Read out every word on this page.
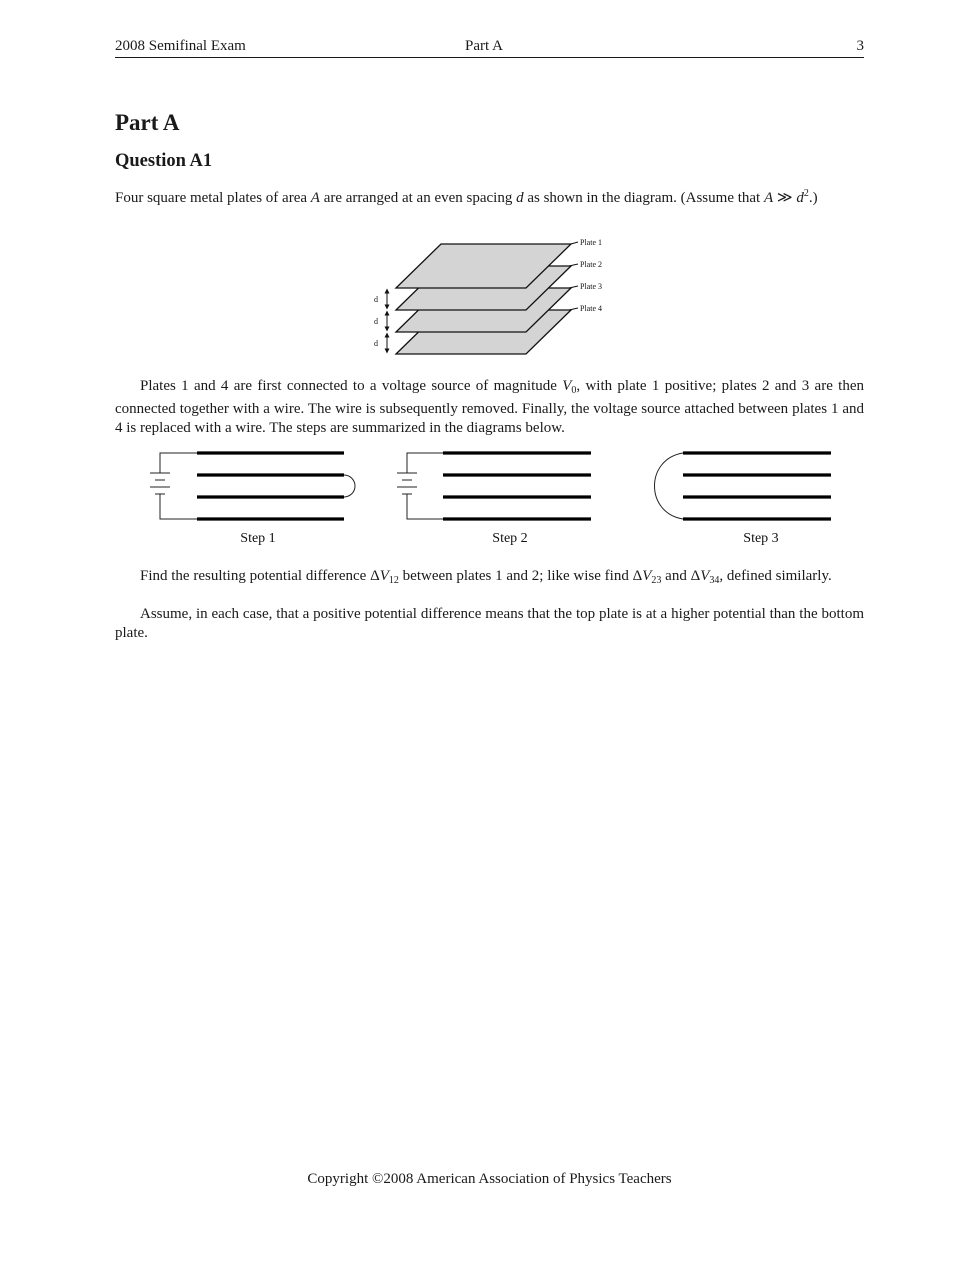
2008 Semifinal Exam	Part A	3
Part A
Question A1

Four square metal plates of area A are arranged at an even spacing d as shown in the diagram. (Assume that A ≫ $d^2$.)

Plate 1
Plate 2
Plate 3
Plate 4
d
d
d

Plates 1 and 4 are first connected to a voltage source of magnitude $V_0$, with plate 1 positive; plates 2 and 3 are then connected together with a wire. The wire is subsequently removed. Finally, the voltage source attached between plates 1 and 4 is replaced with a wire. The steps are summarized in the diagrams below.

Step 1	Step 2	Step 3

Find the resulting potential difference $\Delta V_{12}$ between plates 1 and 2; like wise find $\Delta V_{23}$ and $\Delta V_{34}$, defined similarly.

Assume, in each case, that a positive potential difference means that the top plate is at a higher potential than the bottom plate.

Copyright ©2008 American Association of Physics Teachers
